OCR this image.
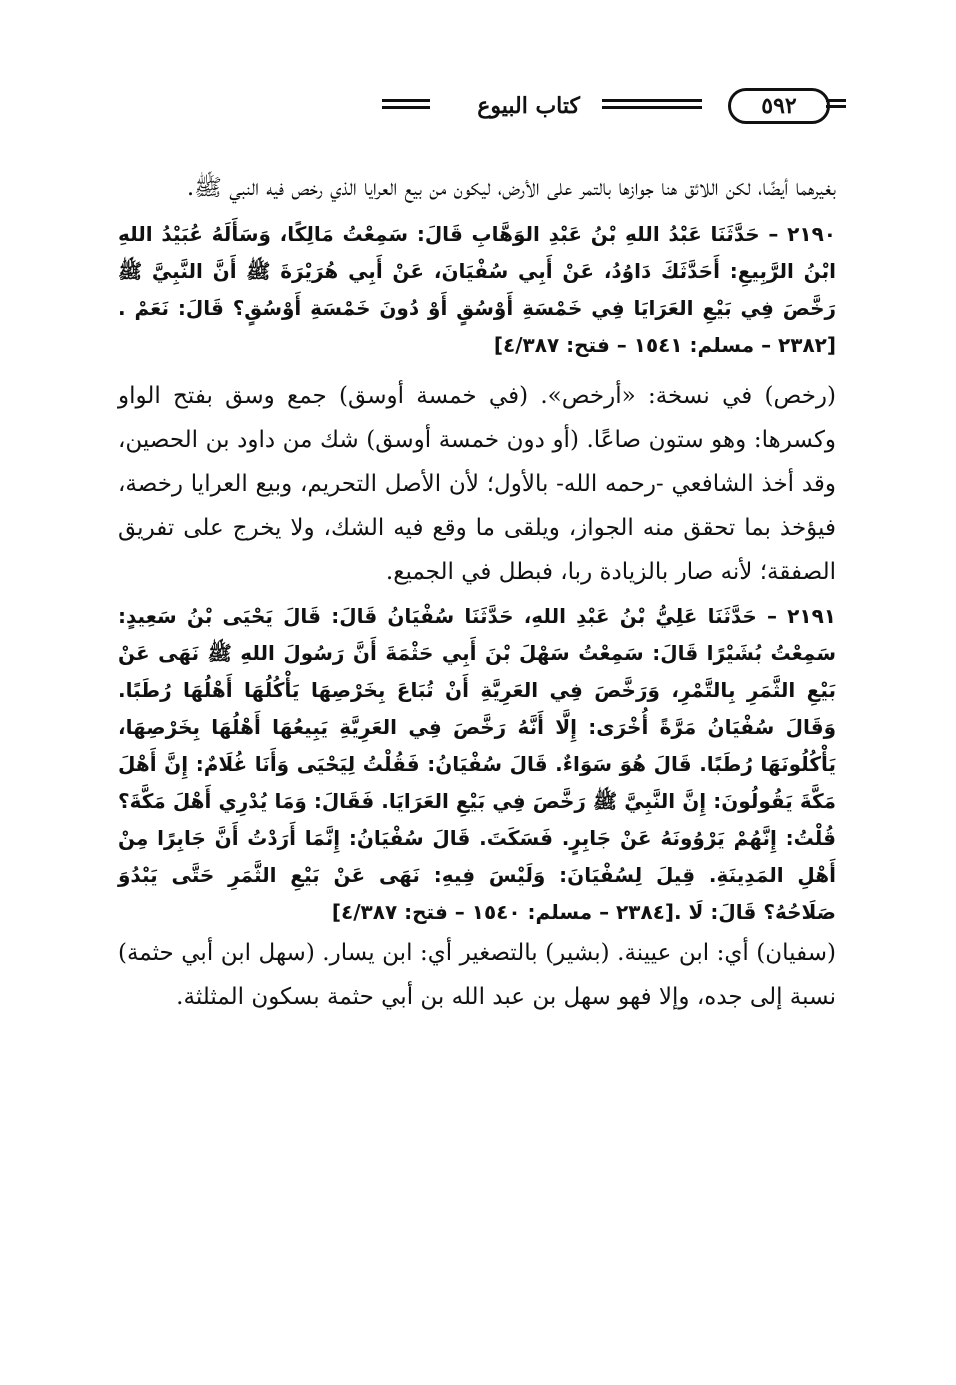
٥٩٢
كتاب البيوع

بغيرهما أيضًا، لكن اللائق هنا جوازها بالتمر على الأرض، ليكون من بيع العرايا الذي رخص فيه النبي ﷺ.

٢١٩٠ – حَدَّثَنَا عَبْدُ اللهِ بْنُ عَبْدِ الوَهَّابِ قَالَ: سَمِعْتُ مَالِكًا، وَسَأَلَهُ عُبَيْدُ اللهِ ابْنُ الرَّبِيعِ: أَحَدَّثَكَ دَاوُدُ، عَنْ أَبِي سُفْيَانَ، عَنْ أَبِي هُرَيْرَةَ ﷺ أَنَّ النَّبِيَّ ﷺ رَخَّصَ فِي بَيْعِ العَرَايَا فِي خَمْسَةِ أَوْسُقٍ أَوْ دُونَ خَمْسَةِ أَوْسُقٍ؟ قَالَ: نَعَمْ .[٢٣٨٢ – مسلم: ١٥٤١ – فتح: ٤/٣٨٧]

(رخص) في نسخة: «أرخص». (في خمسة أوسق) جمع وسق بفتح الواو وكسرها: وهو ستون صاعًا. (أو دون خمسة أوسق) شك من داود بن الحصين، وقد أخذ الشافعي -رحمه الله- بالأول؛ لأن الأصل التحريم، وبيع العرايا رخصة، فيؤخذ بما تحقق منه الجواز، ويلقى ما وقع فيه الشك، ولا يخرج على تفريق الصفقة؛ لأنه صار بالزيادة ربا، فبطل في الجميع.

٢١٩١ – حَدَّثَنَا عَلِيُّ بْنُ عَبْدِ اللهِ، حَدَّثَنَا سُفْيَانُ قَالَ: قَالَ يَحْيَى بْنُ سَعِيدٍ: سَمِعْتُ بُشَيْرًا قَالَ: سَمِعْتُ سَهْلَ بْنَ أَبِي حَثْمَةَ أَنَّ رَسُولَ اللهِ ﷺ نَهَى عَنْ بَيْعِ الثَّمَرِ بِالتَّمْرِ، وَرَخَّصَ فِي العَرِيَّةِ أَنْ تُبَاعَ بِخَرْصِهَا يَأْكُلُهَا أَهْلُهَا رُطَبًا. وَقَالَ سُفْيَانُ مَرَّةً أُخْرَى: إِلَّا أَنَّهُ رَخَّصَ فِي العَرِيَّةِ يَبِيعُهَا أَهْلُهَا بِخَرْصِهَا، يَأْكُلُونَهَا رُطَبًا. قَالَ هُوَ سَوَاءٌ. قَالَ سُفْيَانُ: فَقُلْتُ لِيَحْيَى وَأَنَا غُلَامٌ: إِنَّ أَهْلَ مَكَّةَ يَقُولُونَ: إِنَّ النَّبِيَّ ﷺ رَخَّصَ فِي بَيْعِ العَرَايَا. فَقَالَ: وَمَا يُدْرِي أَهْلَ مَكَّةَ؟ قُلْتُ: إِنَّهُمْ يَرْوُونَهُ عَنْ جَابِرٍ. فَسَكَتَ. قَالَ سُفْيَانُ: إِنَّمَا أَرَدْتُ أَنَّ جَابِرًا مِنْ أَهْلِ المَدِينَةِ. قِيلَ لِسُفْيَانَ: وَلَيْسَ فِيهِ: نَهَى عَنْ بَيْعِ الثَّمَرِ حَتَّى يَبْدُوَ صَلَاحُهُ؟ قَالَ: لَا .[٢٣٨٤ – مسلم: ١٥٤٠ – فتح: ٤/٣٨٧]

(سفيان) أي: ابن عيينة. (بشير) بالتصغير أي: ابن يسار. (سهل ابن أبي حثمة) نسبة إلى جده، وإلا فهو سهل بن عبد الله بن أبي حثمة بسكون المثلثة.
